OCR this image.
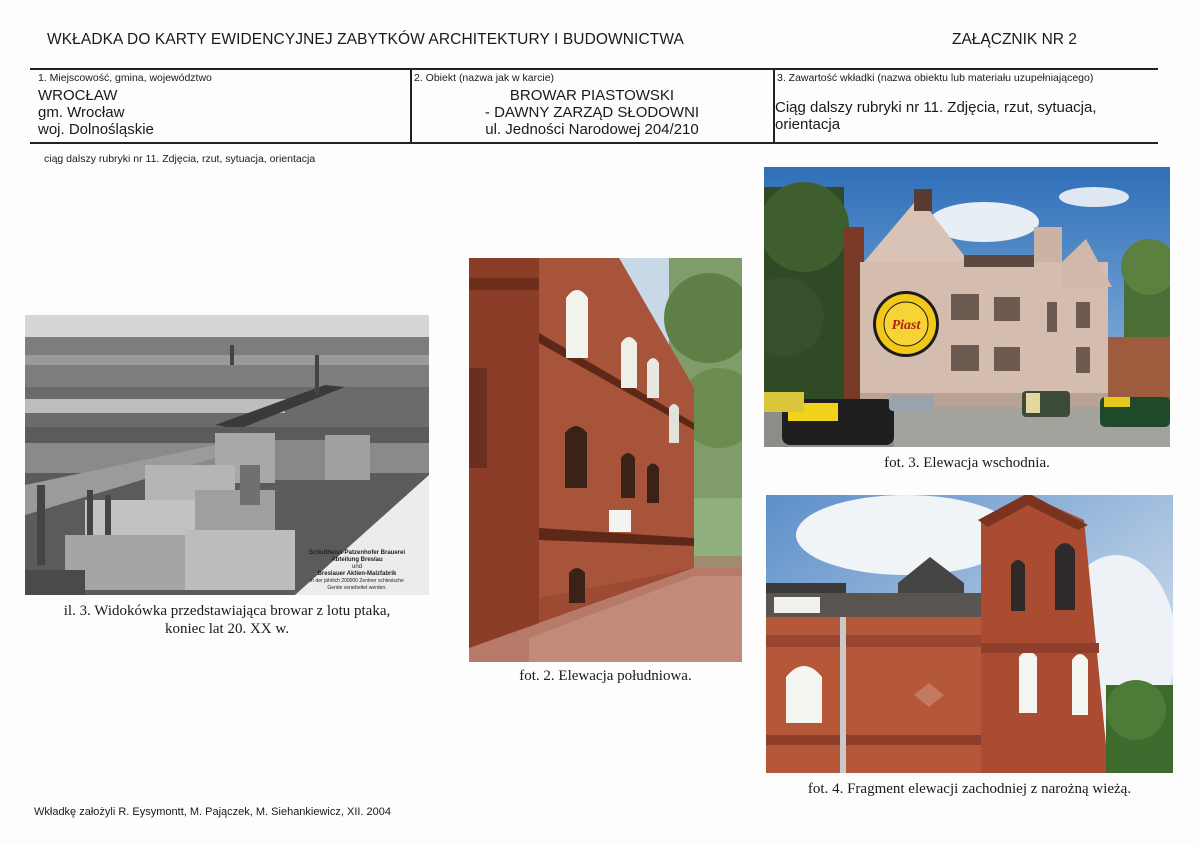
WKŁADKA DO KARTY EWIDENCYJNEJ ZABYTKÓW ARCHITEKTURY I BUDOWNICTWA	ZAŁĄCZNIK NR 2
1. Miejscowość, gmina, województwo
WROCŁAW
gm. Wrocław
woj. Dolnośląskie
2. Obiekt (nazwa jak w karcie)
BROWAR PIASTOWSKI
- DAWNY ZARZĄD SŁODOWNI
ul. Jedności Narodowej 204/210
3. Zawartość wkładki (nazwa obiektu lub materiału uzupełniającego)
Ciąg dalszy rubryki nr 11. Zdjęcia, rzut, sytuacja, orientacja
ciąg dalszy rubryki nr 11. Zdjęcia, rzut, sytuacja, orientacja
Schultheiss-Patzenhofer Brauerei
Abteilung Breslau
und
Breslauer Aktien-Malzfabrik
in der jährlich 200000 Zentner schlesische
Gerste verarbeitet werden.
il. 3. Widokówka przedstawiająca browar z lotu ptaka,
koniec lat 20. XX w.
fot. 2. Elewacja południowa.
Piast
fot. 3. Elewacja wschodnia.
fot. 4. Fragment elewacji zachodniej z narożną wieżą.
Wkładkę założyli R. Eysymontt, M. Pajączek, M. Siehankiewicz, XII. 2004
